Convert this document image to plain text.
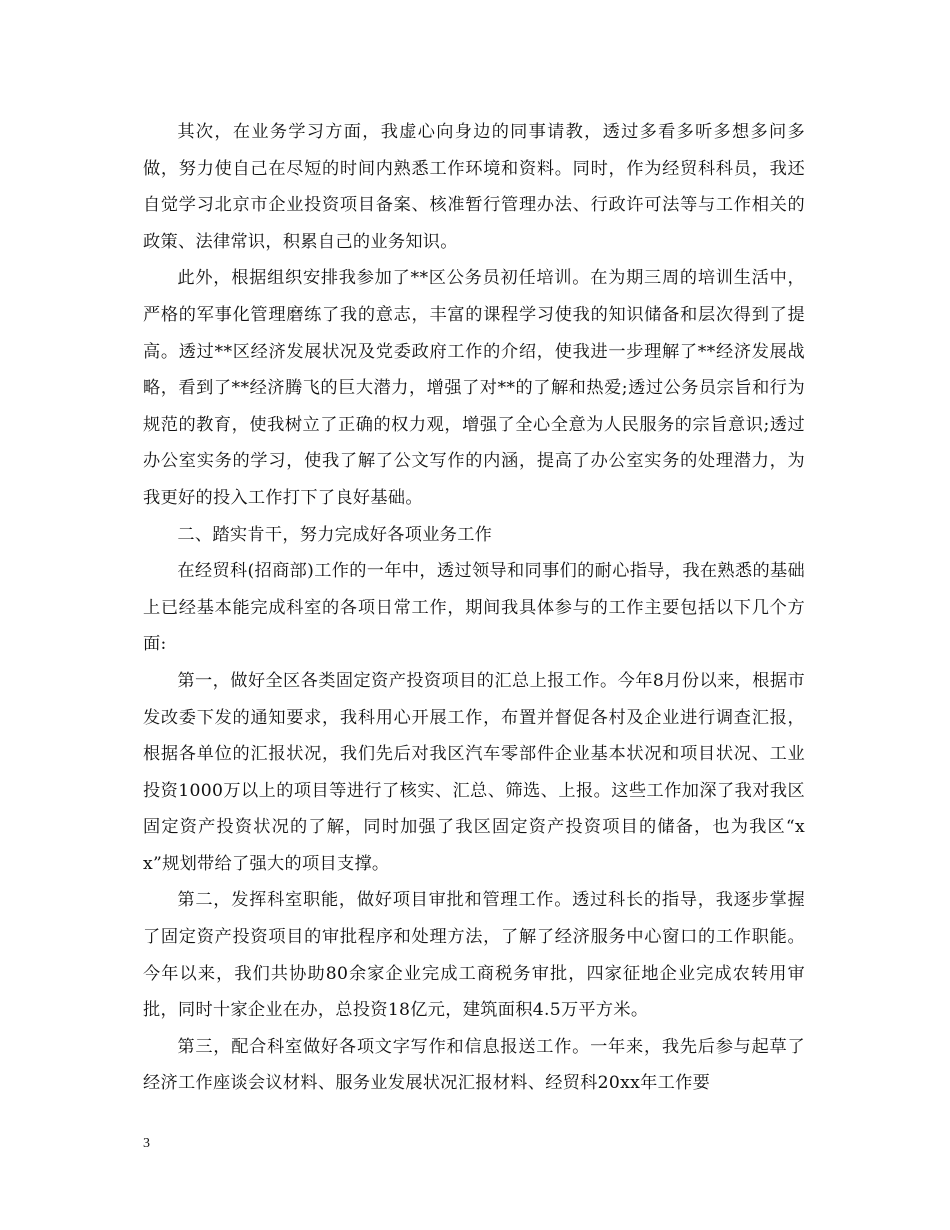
其次，在业务学习方面，我虚心向身边的同事请教，透过多看多听多想多问多做，努力使自己在尽短的时间内熟悉工作环境和资料。同时，作为经贸科科员，我还自觉学习北京市企业投资项目备案、核准暂行管理办法、行政许可法等与工作相关的政策、法律常识，积累自己的业务知识。

此外，根据组织安排我参加了**区公务员初任培训。在为期三周的培训生活中，严格的军事化管理磨练了我的意志，丰富的课程学习使我的知识储备和层次得到了提高。透过**区经济发展状况及党委政府工作的介绍，使我进一步理解了**经济发展战略，看到了**经济腾飞的巨大潜力，增强了对**的了解和热爱;透过公务员宗旨和行为规范的教育，使我树立了正确的权力观，增强了全心全意为人民服务的宗旨意识;透过办公室实务的学习，使我了解了公文写作的内涵，提高了办公室实务的处理潜力，为我更好的投入工作打下了良好基础。

二、踏实肯干，努力完成好各项业务工作

在经贸科(招商部)工作的一年中，透过领导和同事们的耐心指导，我在熟悉的基础上已经基本能完成科室的各项日常工作，期间我具体参与的工作主要包括以下几个方面:

第一，做好全区各类固定资产投资项目的汇总上报工作。今年8月份以来，根据市发改委下发的通知要求，我科用心开展工作，布置并督促各村及企业进行调查汇报，根据各单位的汇报状况，我们先后对我区汽车零部件企业基本状况和项目状况、工业投资1000万以上的项目等进行了核实、汇总、筛选、上报。这些工作加深了我对我区固定资产投资状况的了解，同时加强了我区固定资产投资项目的储备，也为我区“xx”规划带给了强大的项目支撑。

第二，发挥科室职能，做好项目审批和管理工作。透过科长的指导，我逐步掌握了固定资产投资项目的审批程序和处理方法，了解了经济服务中心窗口的工作职能。今年以来，我们共协助80余家企业完成工商税务审批，四家征地企业完成农转用审批，同时十家企业在办，总投资18亿元，建筑面积4.5万平方米。

第三，配合科室做好各项文字写作和信息报送工作。一年来，我先后参与起草了经济工作座谈会议材料、服务业发展状况汇报材料、经贸科20xx年工作要

3
